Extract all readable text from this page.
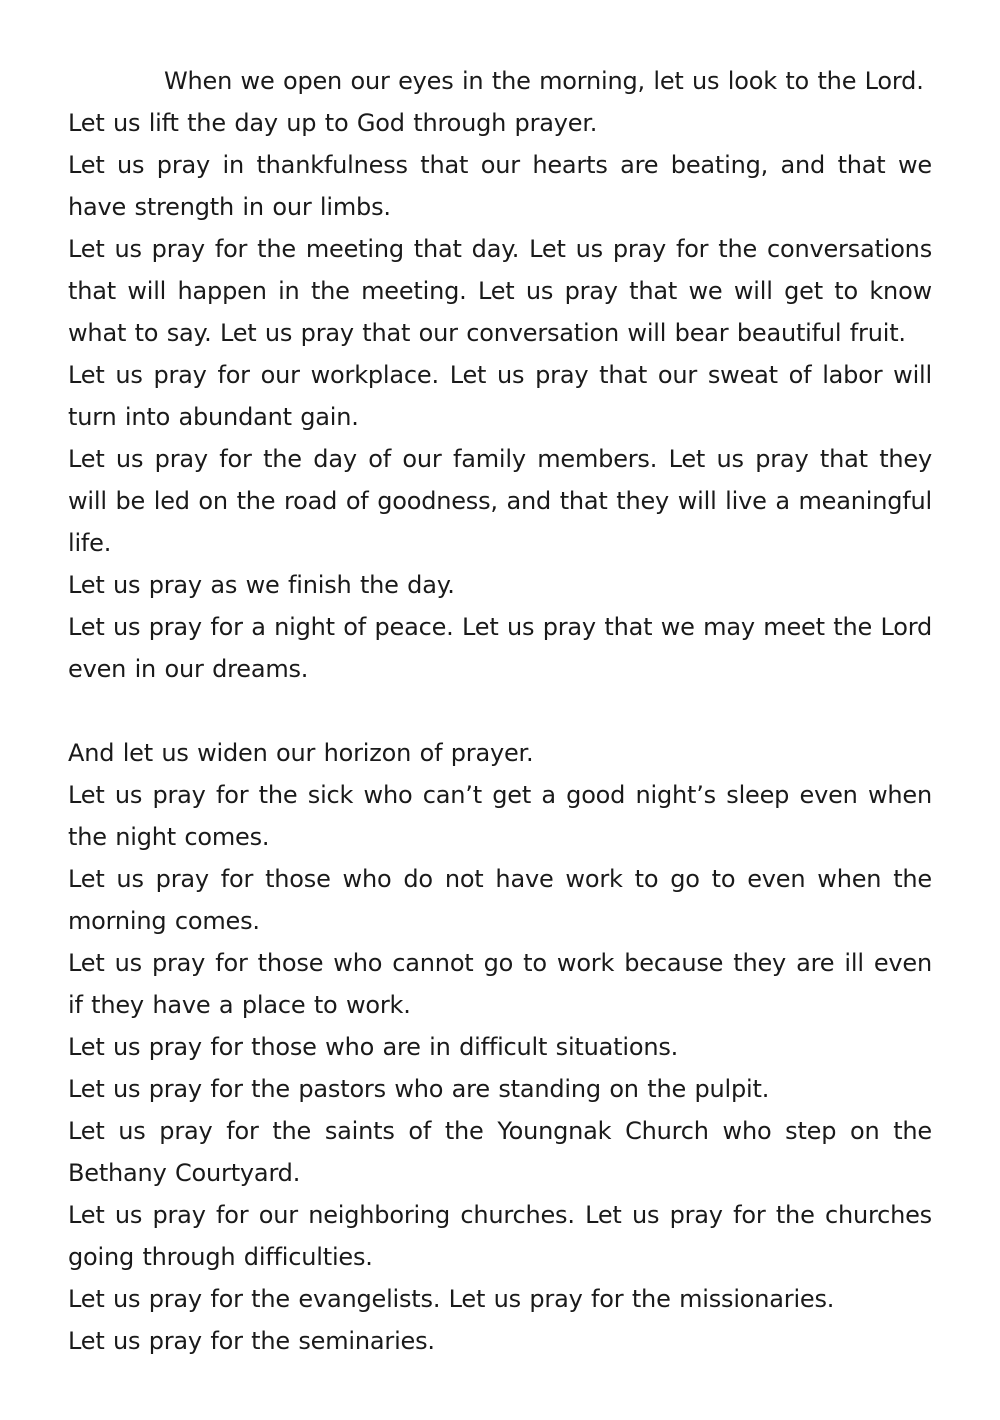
When we open our eyes in the morning, let us look to the Lord.

Let us lift the day up to God through prayer.

Let us pray in thankfulness that our hearts are beating, and that we have strength in our limbs.

Let us pray for the meeting that day. Let us pray for the conversations that will happen in the meeting. Let us pray that we will get to know what to say. Let us pray that our conversation will bear beautiful fruit.

Let us pray for our workplace. Let us pray that our sweat of labor will turn into abundant gain.

Let us pray for the day of our family members. Let us pray that they will be led on the road of goodness, and that they will live a meaningful life.

Let us pray as we finish the day.

Let us pray for a night of peace. Let us pray that we may meet the Lord even in our dreams.

And let us widen our horizon of prayer.

Let us pray for the sick who can’t get a good night’s sleep even when the night comes.

Let us pray for those who do not have work to go to even when the morning comes.

Let us pray for those who cannot go to work because they are ill even if they have a place to work.

Let us pray for those who are in difficult situations.

Let us pray for the pastors who are standing on the pulpit.

Let us pray for the saints of the Youngnak Church who step on the Bethany Courtyard.

Let us pray for our neighboring churches. Let us pray for the churches going through difficulties.

Let us pray for the evangelists. Let us pray for the missionaries.

Let us pray for the seminaries.
